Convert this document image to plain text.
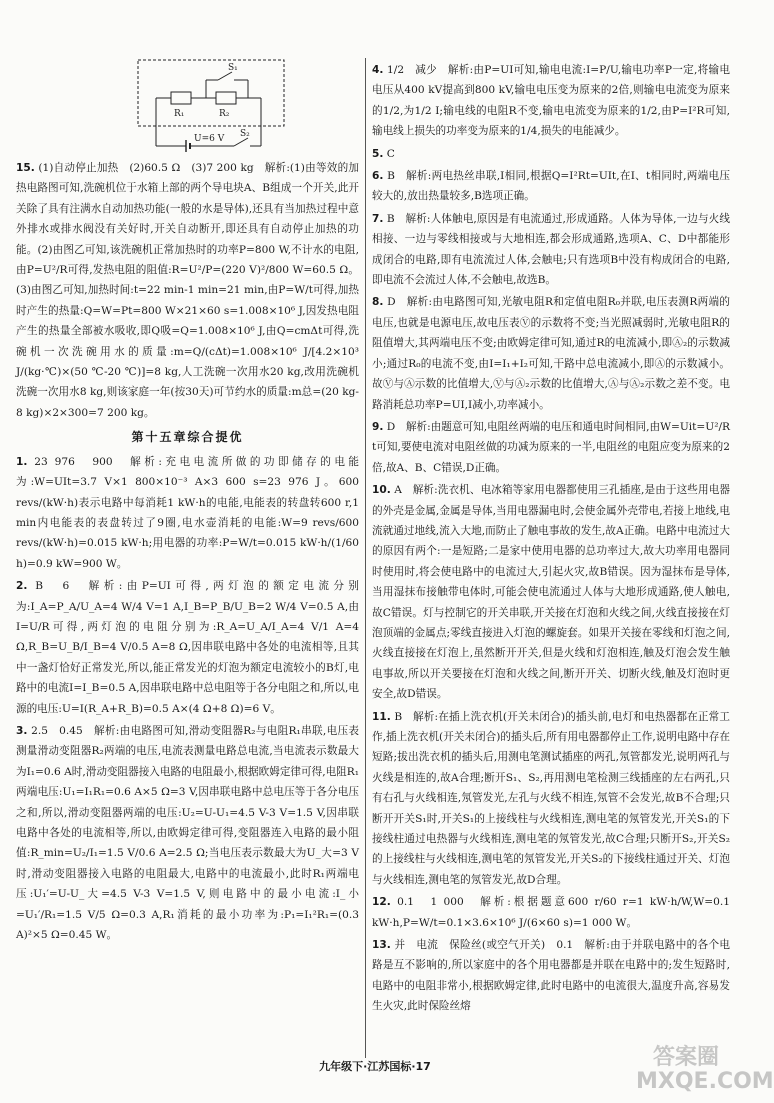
R₁	R₂
S₁
S₂
U=6 V
15. (1)自动停止加热　(2)60.5 Ω　(3)7 200 kg　解析:(1)由等效的加热电路图可知,洗碗机位于水箱上部的两个导电块A、B组成一个开关,此开关除了具有注满水自动加热功能(一般的水是导体),还具有当加热过程中意外排水或排水阀没有关好时,开关自动断开,即还具有自动停止加热的功能。(2)由图乙可知,该洗碗机正常加热时的功率P=800 W,不计水的电阻,由P=U²/R可得,发热电阻的阻值:R=U²/P=(220 V)²/800 W=60.5 Ω。(3)由图乙可知,加热时间:t=22 min-1 min=21 min,由P=W/t可得,加热时产生的热量:Q=W=Pt=800 W×21×60 s=1.008×10⁶ J,因发热电阻产生的热量全部被水吸收,即Q吸=Q=1.008×10⁶ J,由Q=cmΔt可得,洗碗机一次洗碗用水的质量:m=Q/(cΔt)=1.008×10⁶ J/[4.2×10³ J/(kg·℃)×(50 ℃-20 ℃)]=8 kg,人工洗碗一次用水20 kg,改用洗碗机洗碗一次用水8 kg,则该家庭一年(按30天)可节约水的质量:m总=(20 kg-8 kg)×2×300=7 200 kg。
第十五章综合提优
1. 23 976　900　解析:充电电流所做的功即储存的电能为:W=UIt=3.7 V×1 800×10⁻³ A×3 600 s=23 976 J。600 revs/(kW·h)表示电路中每消耗1 kW·h的电能,电能表的转盘转600 r,1 min内电能表的表盘转过了9圈,电水壶消耗的电能:W=9 revs/600 revs/(kW·h)=0.015 kW·h;用电器的功率:P=W/t=0.015 kW·h/(1/60 h)=0.9 kW=900 W。
2. B　6　解析:由P=UI可得,两灯泡的额定电流分别为:I_A=P_A/U_A=4 W/4 V=1 A,I_B=P_B/U_B=2 W/4 V=0.5 A,由I=U/R可得,两灯泡的电阻分别为:R_A=U_A/I_A=4 V/1 A=4 Ω,R_B=U_B/I_B=4 V/0.5 A=8 Ω,因串联电路中各处的电流相等,且其中一盏灯恰好正常发光,所以,能正常发光的灯泡为额定电流较小的B灯,电路中的电流I=I_B=0.5 A,因串联电路中总电阻等于各分电阻之和,所以,电源的电压:U=I(R_A+R_B)=0.5 A×(4 Ω+8 Ω)=6 V。
3. 2.5　0.45　解析:由电路图可知,滑动变阻器R₂与电阻R₁串联,电压表测量滑动变阻器R₂两端的电压,电流表测量电路总电流,当电流表示数最大为I₁=0.6 A时,滑动变阻器接入电路的电阻最小,根据欧姆定律可得,电阻R₁两端电压:U₁=I₁R₁=0.6 A×5 Ω=3 V,因串联电路中总电压等于各分电压之和,所以,滑动变阻器两端的电压:U₂=U-U₁=4.5 V-3 V=1.5 V,因串联电路中各处的电流相等,所以,由欧姆定律可得,变阻器连入电路的最小阻值:R_min=U₂/I₁=1.5 V/0.6 A=2.5 Ω;当电压表示数最大为U_大=3 V时,滑动变阻器接入电路的电阻最大,电路中的电流最小,此时R₁两端电压:U₁′=U-U_大=4.5 V-3 V=1.5 V,则电路中的最小电流:I_小=U₁′/R₁=1.5 V/5 Ω=0.3 A,R₁消耗的最小功率为:P₁=I₁²R₁=(0.3 A)²×5 Ω=0.45 W。
4. 1/2　减少　解析:由P=UI可知,输电电流:I=P/U,输电功率P一定,将输电电压从400 kV提高到800 kV,输电电压变为原来的2倍,则输电电流变为原来的1/2,为1/2 I;输电线的电阻R不变,输电电流变为原来的1/2,由P=I²R可知,输电线上损失的功率变为原来的1/4,损失的电能减少。
5. C
6. B　解析:两电热丝串联,I相同,根据Q=I²Rt=UIt,在I、t相同时,两端电压较大的,放出热量较多,B选项正确。
7. B　解析:人体触电,原因是有电流通过,形成通路。人体为导体,一边与火线相接、一边与零线相接或与大地相连,都会形成通路,选项A、C、D中都能形成闭合的电路,即有电流流过人体,会触电;只有选项B中没有构成闭合的电路,即电流不会流过人体,不会触电,故选B。
8. D　解析:由电路图可知,光敏电阻R和定值电阻R₀并联,电压表测R两端的电压,也就是电源电压,故电压表Ⓥ的示数将不变;当光照减弱时,光敏电阻R的阻值增大,其两端电压不变;由欧姆定律可知,通过R的电流减小,即Ⓐ₂的示数减小;通过R₀的电流不变,由I=I₁+I₂可知,干路中总电流减小,即Ⓐ的示数减小。故Ⓥ与Ⓐ示数的比值增大,Ⓥ与Ⓐ₂示数的比值增大,Ⓐ与Ⓐ₂示数之差不变。电路消耗总功率P=UI,I减小,功率减小。
9. D　解析:由题意可知,电阻丝两端的电压和通电时间相同,由W=Uit=U²/R t可知,要使电流对电阻丝做的功减为原来的一半,电阻丝的电阻应变为原来的2倍,故A、B、C错误,D正确。
10. A　解析:洗衣机、电冰箱等家用电器都使用三孔插座,是由于这些用电器的外壳是金属,金属是导体,当用电器漏电时,会使金属外壳带电,若接上地线,电流就通过地线,流入大地,而防止了触电事故的发生,故A正确。电路中电流过大的原因有两个:一是短路;二是家中使用电器的总功率过大,故大功率用电器同时使用时,将会使电路中的电流过大,引起火灾,故B错误。因为湿抹布是导体,当用湿抹布接触带电体时,可能会使电流通过人体与大地形成通路,使人触电,故C错误。灯与控制它的开关串联,开关接在灯泡和火线之间,火线直接接在灯泡顶端的金属点;零线直接进入灯泡的螺旋套。如果开关接在零线和灯泡之间,火线直接接在灯泡上,虽然断开开关,但是火线和灯泡相连,触及灯泡会发生触电事故,所以开关要接在灯泡和火线之间,断开开关、切断火线,触及灯泡时更安全,故D错误。
11. B　解析:在插上洗衣机(开关未闭合)的插头前,电灯和电热器都在正常工作,插上洗衣机(开关未闭合)的插头后,所有用电器都停止工作,说明电路中存在短路;拔出洗衣机的插头后,用测电笔测试插座的两孔,氖管都发光,说明两孔与火线是相连的,故A合理;断开S₁、S₂,再用测电笔检测三线插座的左右两孔,只有右孔与火线相连,氖管发光,左孔与火线不相连,氖管不会发光,故B不合理;只断开开关S₁时,开关S₁的上接线柱与火线相连,测电笔的氖管发光,开关S₁的下接线柱通过电热器与火线相连,测电笔的氖管发光,故C合理;只断开S₂,开关S₂的上接线柱与火线相连,测电笔的氖管发光,开关S₂的下接线柱通过开关、灯泡与火线相连,测电笔的氖管发光,故D合理。
12. 0.1　1 000　解析:根据题意600 r/60 r=1 kW·h/W,W=0.1 kW·h,P=W/t=0.1×3.6×10⁶ J/(6×60 s)=1 000 W。
13. 并　电流　保险丝(或空气开关)　0.1　解析:由于并联电路中的各个电路是互不影响的,所以家庭中的各个用电器都是并联在电路中的;发生短路时,电路中的电阻非常小,根据欧姆定律,此时电路中的电流很大,温度升高,容易发生火灾,此时保险丝熔
九年级下·江苏国标·17	答案圈 MXQE.COM
